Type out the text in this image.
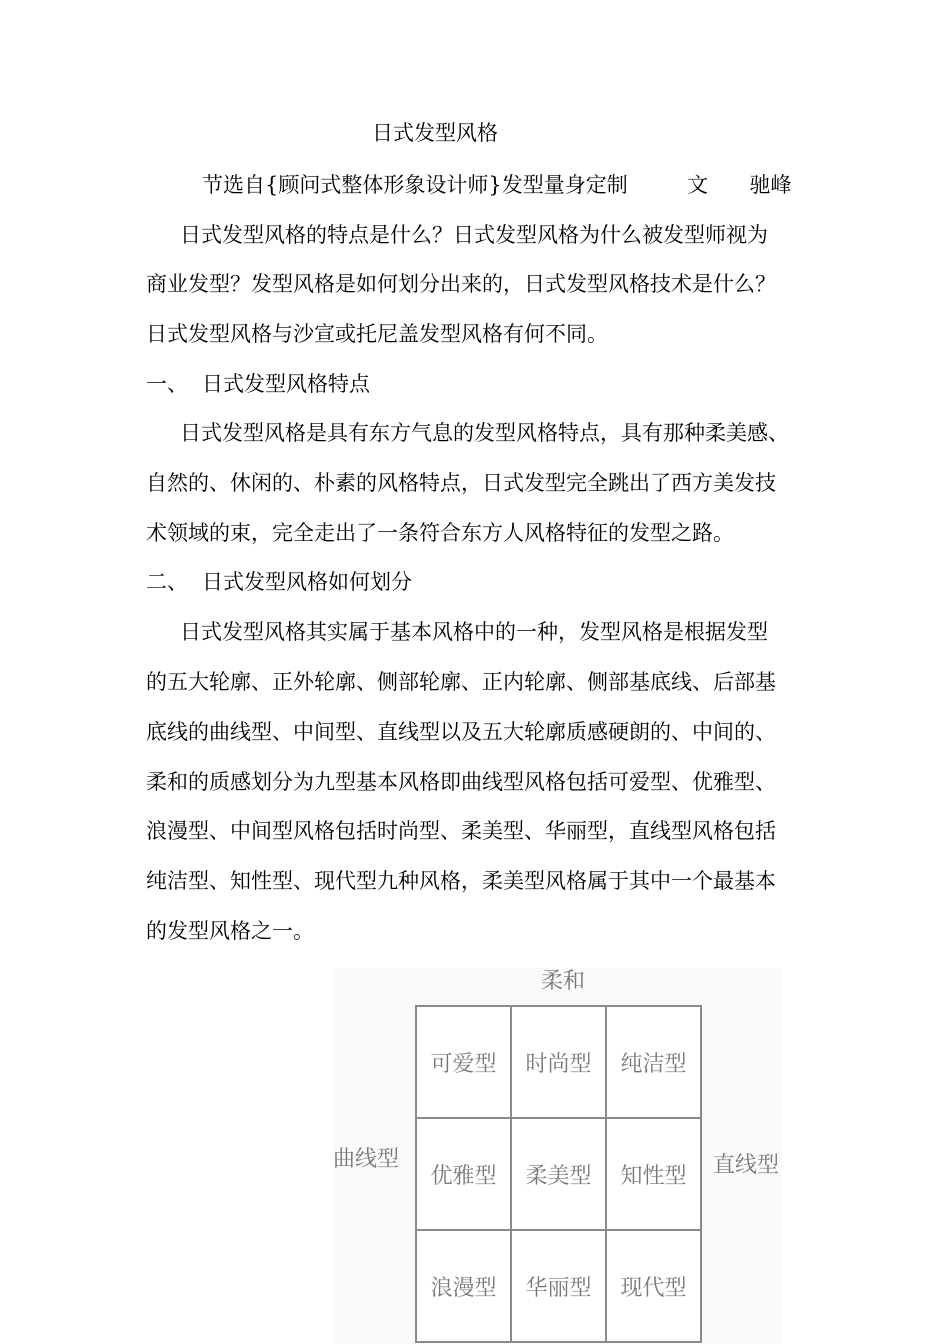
日式发型风格
节选自{顾问式整体形象设计师}发型量身定制	文 驰峰

日式发型风格的特点是什么？日式发型风格为什么被发型师视为

商业发型？发型风格是如何划分出来的，日式发型风格技术是什么？

日式发型风格与沙宣或托尼盖发型风格有何不同。

一、 日式发型风格特点

日式发型风格是具有东方气息的发型风格特点，具有那种柔美感、

自然的、休闲的、朴素的风格特点，日式发型完全跳出了西方美发技

术领域的束，完全走出了一条符合东方人风格特征的发型之路。

二、 日式发型风格如何划分

日式发型风格其实属于基本风格中的一种，发型风格是根据发型

的五大轮廓、正外轮廓、侧部轮廓、正内轮廓、侧部基底线、后部基

底线的曲线型、中间型、直线型以及五大轮廓质感硬朗的、中间的、

柔和的质感划分为九型基本风格即曲线型风格包括可爱型、优雅型、

浪漫型、中间型风格包括时尚型、柔美型、华丽型，直线型风格包括

纯洁型、知性型、现代型九种风格，柔美型风格属于其中一个最基本

的发型风格之一。

柔和
曲线型	直线型
可爱型	时尚型	纯洁型
优雅型	柔美型	知性型
浪漫型	华丽型	现代型
